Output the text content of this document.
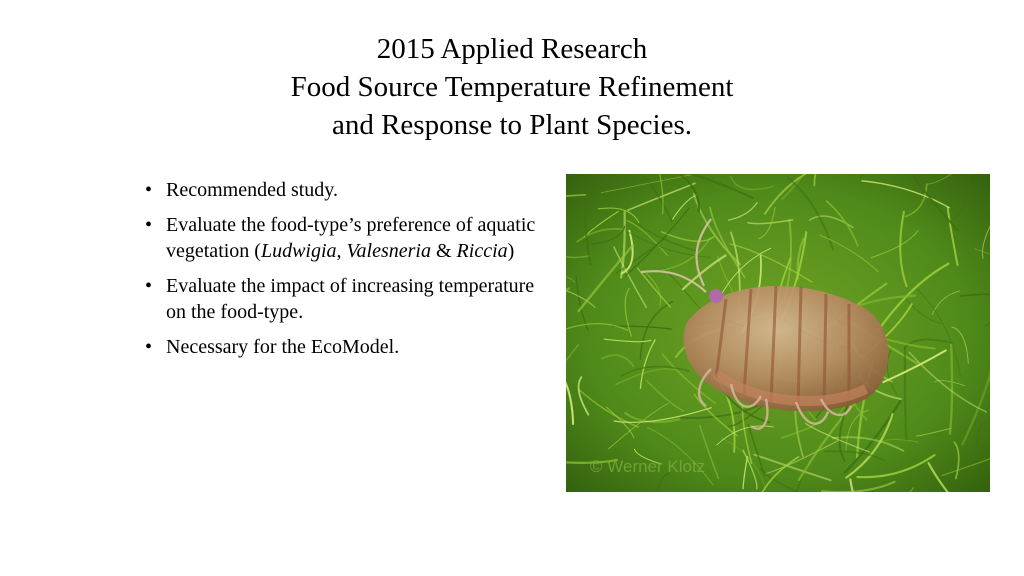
2015 Applied Research
Food Source Temperature Refinement
and Response to Plant Species.
• Recommended study.
• Evaluate the food-type’s preference of aquatic vegetation (Ludwigia, Valesneria & Riccia)
• Evaluate the impact of increasing temperature on the food-type.
• Necessary for the EcoModel.
© Werner Klotz
